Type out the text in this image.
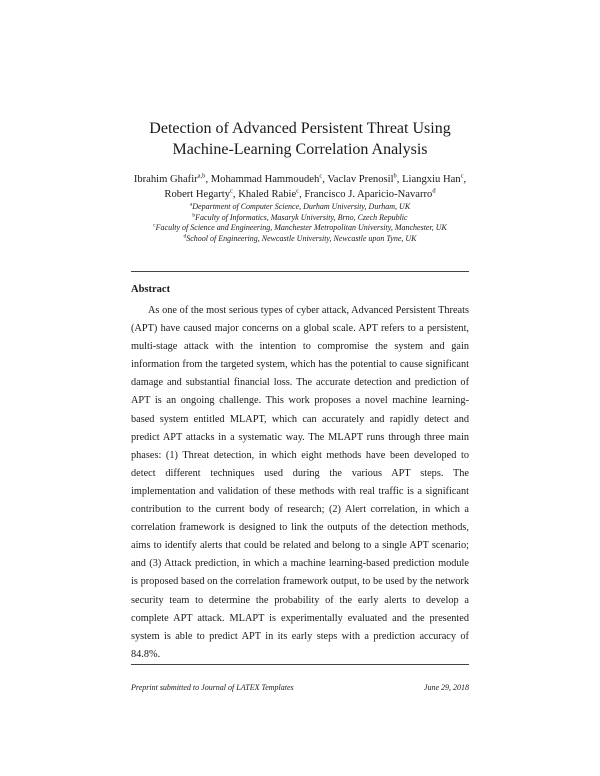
Detection of Advanced Persistent Threat Using
Machine-Learning Correlation Analysis
Ibrahim Ghafir$^{a,b}$, Mohammad Hammoudeh$^c$, Vaclav Prenosil$^b$, Liangxiu Han$^c$, Robert Hegarty$^c$, Khaled Rabie$^c$, Francisco J. Aparicio-Navarro$^d$
$^a$Department of Computer Science, Durham University, Durham, UK
$^b$Faculty of Informatics, Masaryk University, Brno, Czech Republic
$^c$Faculty of Science and Engineering, Manchester Metropolitan University, Manchester, UK
$^d$School of Engineering, Newcastle University, Newcastle upon Tyne, UK
Abstract
As one of the most serious types of cyber attack, Advanced Persistent Threats (APT) have caused major concerns on a global scale. APT refers to a persistent, multi-stage attack with the intention to compromise the system and gain information from the targeted system, which has the potential to cause significant damage and substantial financial loss. The accurate detection and prediction of APT is an ongoing challenge. This work proposes a novel machine learning-based system entitled MLAPT, which can accurately and rapidly detect and predict APT attacks in a systematic way. The MLAPT runs through three main phases: (1) Threat detection, in which eight methods have been developed to detect different techniques used during the various APT steps. The implementation and validation of these methods with real traffic is a significant contribution to the current body of research; (2) Alert correlation, in which a correlation framework is designed to link the outputs of the detection methods, aims to identify alerts that could be related and belong to a single APT scenario; and (3) Attack prediction, in which a machine learning-based prediction module is proposed based on the correlation framework output, to be used by the network security team to determine the probability of the early alerts to develop a complete APT attack. MLAPT is experimentally evaluated and the presented system is able to predict APT in its early steps with a prediction accuracy of 84.8%.
Preprint submitted to Journal of LATEX Templates	June 29, 2018
